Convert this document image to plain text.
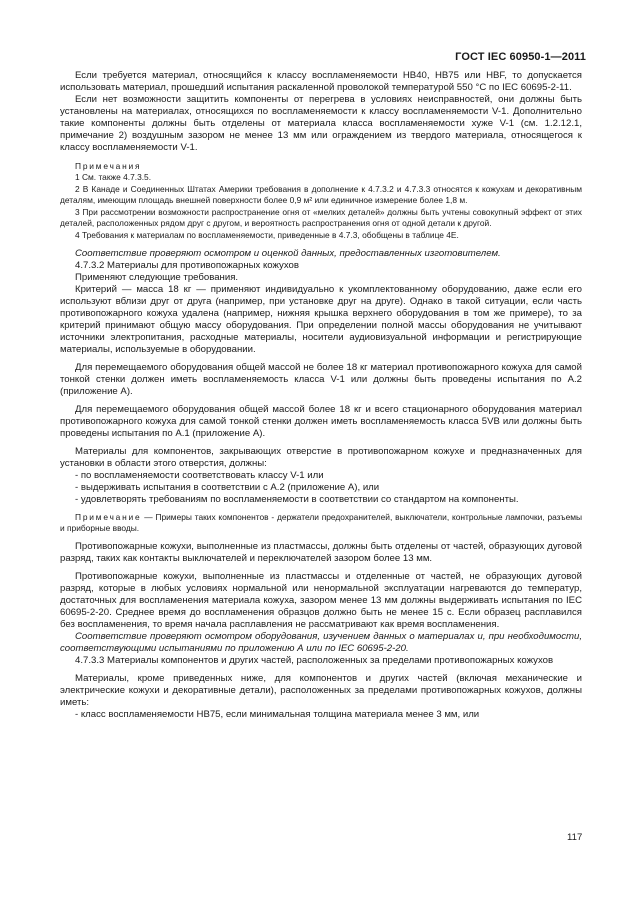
ГОСТ IEC 60950-1—2011

Если требуется материал, относящийся к классу воспламеняемости HB40, HB75 или HBF, то допускается использовать материал, прошедший испытания раскаленной проволокой температурой 550 °C по IEC 60695-2-11.

Если нет возможности защитить компоненты от перегрева в условиях неисправностей, они должны быть установлены на материалах, относящихся по воспламеняемости к классу воспламеняемости V-1. Дополнительно такие компоненты должны быть отделены от материала класса воспламеняемости хуже V-1 (см. 1.2.12.1, примечание 2) воздушным зазором не менее 13 мм или ограждением из твердого материала, относящегося к классу воспламеняемости V-1.

Примечания

1 См. также 4.7.3.5.

2 В Канаде и Соединенных Штатах Америки требования в дополнение к 4.7.3.2 и 4.7.3.3 относятся к кожухам и декоративным деталям, имеющим площадь внешней поверхности более 0,9 м² или единичное измерение более 1,8 м.

3 При рассмотрении возможности распространение огня от «мелких деталей» должны быть учтены совокупный эффект от этих деталей, расположенных рядом друг с другом, и вероятность распространения огня от одной детали к другой.

4 Требования к материалам по воспламеняемости, приведенные в 4.7.3, обобщены в таблице 4E.

Соответствие проверяют осмотром и оценкой данных, предоставленных изготовителем.

4.7.3.2 Материалы для противопожарных кожухов

Применяют следующие требования.

Критерий — масса 18 кг — применяют индивидуально к укомплектованному оборудованию, даже если его используют вблизи друг от друга (например, при установке друг на друге). Однако в такой ситуации, если часть противопожарного кожуха удалена (например, нижняя крышка верхнего оборудования в том же примере), то за критерий принимают общую массу оборудования. При определении полной массы оборудования не учитывают источники электропитания, расходные материалы, носители аудиовизуальной информации и регистрирующие материалы, используемые в оборудовании.

Для перемещаемого оборудования общей массой не более 18 кг материал противопожарного кожуха для самой тонкой стенки должен иметь воспламеняемость класса V-1 или должны быть проведены испытания по А.2 (приложение А).

Для перемещаемого оборудования общей массой более 18 кг и всего стационарного оборудования материал противопожарного кожуха для самой тонкой стенки должен иметь воспламеняемость класса 5VB или должны быть проведены испытания по А.1 (приложение А).

Материалы для компонентов, закрывающих отверстие в противопожарном кожухе и предназначенных для установки в области этого отверстия, должны:

- по воспламеняемости соответствовать классу V-1 или

- выдерживать испытания в соответствии с А.2 (приложение А), или

- удовлетворять требованиям по воспламеняемости в соответствии со стандартом на компоненты.

Примечание — Примеры таких компонентов - держатели предохранителей, выключатели, контрольные лампочки, разъемы и приборные вводы.

Противопожарные кожухи, выполненные из пластмассы, должны быть отделены от частей, образующих дуговой разряд, таких как контакты выключателей и переключателей зазором более 13 мм.

Противопожарные кожухи, выполненные из пластмассы и отделенные от частей, не образующих дуговой разряд, которые в любых условиях нормальной или ненормальной эксплуатации нагреваются до температур, достаточных для воспламенения материала кожуха, зазором менее 13 мм должны выдерживать испытания по IEC 60695-2-20. Среднее время до воспламенения образцов должно быть не менее 15 с. Если образец расплавился без воспламенения, то время начала расплавления не рассматривают как время воспламенения.

Соответствие проверяют осмотром оборудования, изучением данных о материалах и, при необходимости, соответствующими испытаниями по приложению А или по IEC 60695-2-20.

4.7.3.3 Материалы компонентов и других частей, расположенных за пределами противопожарных кожухов

Материалы, кроме приведенных ниже, для компонентов и других частей (включая механические и электрические кожухи и декоративные детали), расположенных за пределами противопожарных кожухов, должны иметь:

- класс воспламеняемости HB75, если минимальная толщина материала менее 3 мм, или

117
